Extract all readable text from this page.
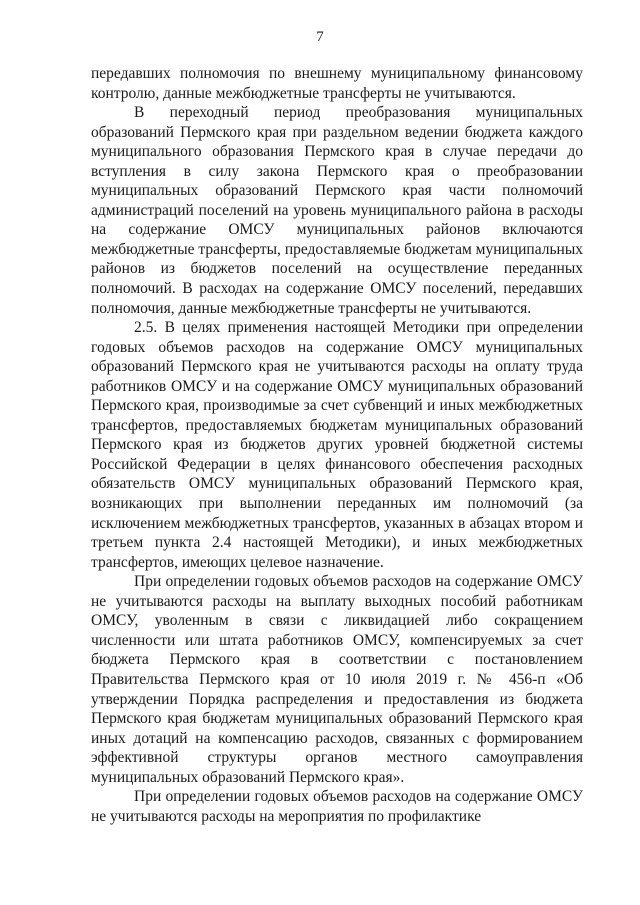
7

передавших полномочия по внешнему муниципальному финансовому контролю, данные межбюджетные трансферты не учитываются.

В переходный период преобразования муниципальных образований Пермского края при раздельном ведении бюджета каждого муниципального образования Пермского края в случае передачи до вступления в силу закона Пермского края о преобразовании муниципальных образований Пермского края части полномочий администраций поселений на уровень муниципального района в расходы на содержание ОМСУ муниципальных районов включаются межбюджетные трансферты, предоставляемые бюджетам муниципальных районов из бюджетов поселений на осуществление переданных полномочий. В расходах на содержание ОМСУ поселений, передавших полномочия, данные межбюджетные трансферты не учитываются.

2.5. В целях применения настоящей Методики при определении годовых объемов расходов на содержание ОМСУ муниципальных образований Пермского края не учитываются расходы на оплату труда работников ОМСУ и на содержание ОМСУ муниципальных образований Пермского края, производимые за счет субвенций и иных межбюджетных трансфертов, предоставляемых бюджетам муниципальных образований Пермского края из бюджетов других уровней бюджетной системы Российской Федерации в целях финансового обеспечения расходных обязательств ОМСУ муниципальных образований Пермского края, возникающих при выполнении переданных им полномочий (за исключением межбюджетных трансфертов, указанных в абзацах втором и третьем пункта 2.4 настоящей Методики), и иных межбюджетных трансфертов, имеющих целевое назначение.

При определении годовых объемов расходов на содержание ОМСУ не учитываются расходы на выплату выходных пособий работникам ОМСУ, уволенным в связи с ликвидацией либо сокращением численности или штата работников ОМСУ, компенсируемых за счет бюджета Пермского края в соответствии с постановлением Правительства Пермского края от 10 июля 2019 г. № 456-п «Об утверждении Порядка распределения и предоставления из бюджета Пермского края бюджетам муниципальных образований Пермского края иных дотаций на компенсацию расходов, связанных с формированием эффективной структуры органов местного самоуправления муниципальных образований Пермского края».

При определении годовых объемов расходов на содержание ОМСУ не учитываются расходы на мероприятия по профилактике
